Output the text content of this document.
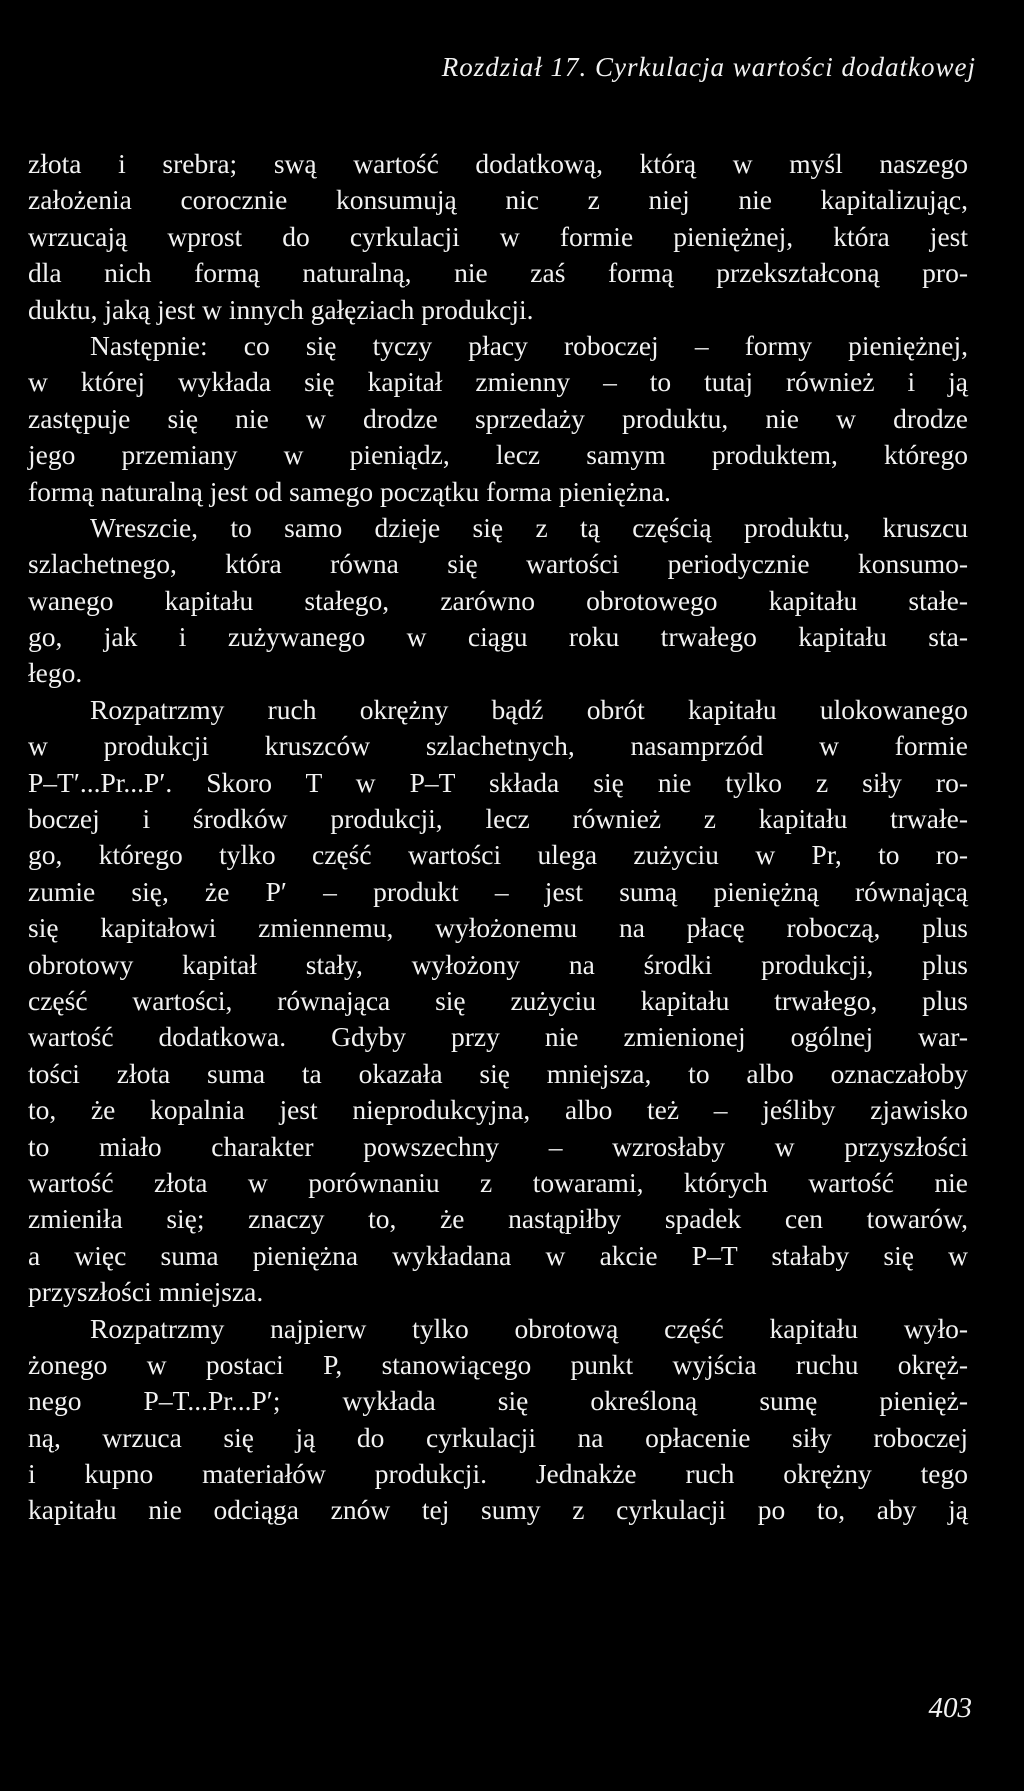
Rozdział 17. Cyrkulacja wartości dodatkowej
złota i srebra; swą wartość dodatkową, którą w myśl naszego
założenia corocznie konsumują nic z niej nie kapitalizując,
wrzucają wprost do cyrkulacji w formie pieniężnej, która jest
dla nich formą naturalną, nie zaś formą przekształconą pro-
duktu, jaką jest w innych gałęziach produkcji.
Następnie: co się tyczy płacy roboczej – formy pieniężnej,
w której wykłada się kapitał zmienny – to tutaj również i ją
zastępuje się nie w drodze sprzedaży produktu, nie w drodze
jego przemiany w pieniądz, lecz samym produktem, którego
formą naturalną jest od samego początku forma pieniężna.
Wreszcie, to samo dzieje się z tą częścią produktu, kruszcu
szlachetnego, która równa się wartości periodycznie konsumo-
wanego kapitału stałego, zarówno obrotowego kapitału stałe-
go, jak i zużywanego w ciągu roku trwałego kapitału sta-
łego.
Rozpatrzmy ruch okrężny bądź obrót kapitału ulokowanego
w produkcji kruszców szlachetnych, nasamprzód w formie
P–T′...Pr...P′. Skoro T w P–T składa się nie tylko z siły ro-
boczej i środków produkcji, lecz również z kapitału trwałe-
go, którego tylko część wartości ulega zużyciu w Pr, to ro-
zumie się, że P′ – produkt – jest sumą pieniężną równającą
się kapitałowi zmiennemu, wyłożonemu na płacę roboczą, plus
obrotowy kapitał stały, wyłożony na środki produkcji, plus
część wartości, równająca się zużyciu kapitału trwałego, plus
wartość dodatkowa. Gdyby przy nie zmienionej ogólnej war-
tości złota suma ta okazała się mniejsza, to albo oznaczałoby
to, że kopalnia jest nieprodukcyjna, albo też – jeśliby zjawisko
to miało charakter powszechny – wzrosłaby w przyszłości
wartość złota w porównaniu z towarami, których wartość nie
zmieniła się; znaczy to, że nastąpiłby spadek cen towarów,
a więc suma pieniężna wykładana w akcie P–T stałaby się w
przyszłości mniejsza.
Rozpatrzmy najpierw tylko obrotową część kapitału wyło-
żonego w postaci P, stanowiącego punkt wyjścia ruchu okręż-
nego P–T...Pr...P′; wykłada się określoną sumę pienięż-
ną, wrzuca się ją do cyrkulacji na opłacenie siły roboczej
i kupno materiałów produkcji. Jednakże ruch okrężny tego
kapitału nie odciąga znów tej sumy z cyrkulacji po to, aby ją
403
